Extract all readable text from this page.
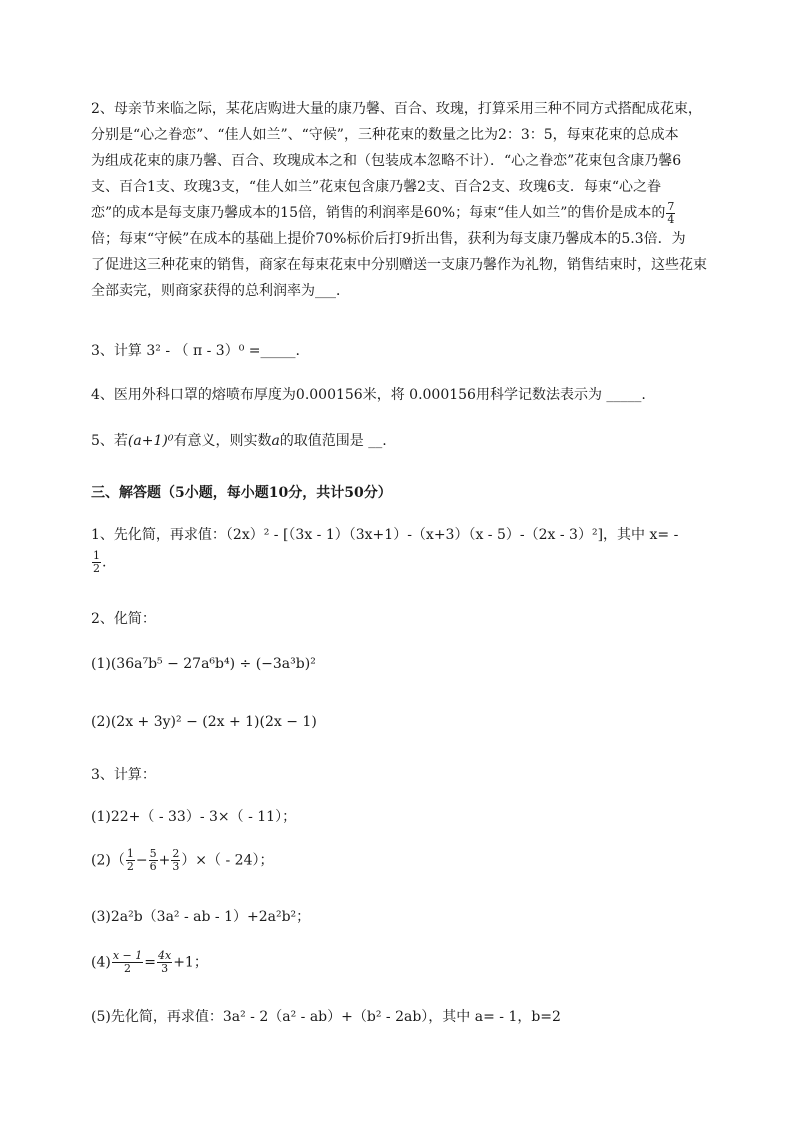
2、母亲节来临之际，某花店购进大量的康乃馨、百合、玫瑰，打算采用三种不同方式搭配成花束，
分别是“心之眷恋”、“佳人如兰”、“守候”，三种花束的数量之比为2：3：5，每束花束的总成本
为组成花束的康乃馨、百合、玫瑰成本之和（包装成本忽略不计）．“心之眷恋”花束包含康乃馨6
支、百合1支、玫瑰3支，“佳人如兰”花束包含康乃馨2支、百合2支、玫瑰6支．每束“心之眷
恋”的成本是每支康乃馨成本的15倍，销售的利润率是60%；每束“佳人如兰”的售价是成本的 $\frac{7}{4}$
倍；每束“守候”在成本的基础上提价70%标价后打9折出售，获利为每支康乃馨成本的5.3倍．为
了促进这三种花束的销售，商家在每束花束中分别赠送一支康乃馨作为礼物，销售结束时，这些花束
全部卖完，则商家获得的总利润率为___．
3、计算 3² - （ π - 3）⁰ =_____.
4、医用外科口罩的熔喷布厚度为0.000156米，将 0.000156用科学记数法表示为 _____.
5、若(a+1)⁰有意义，则实数a的取值范围是 __.
三、解答题（5小题，每小题10分，共计50分）
1、先化简，再求值：（2x）² - [（3x - 1）（3x+1）-（x+3）（x - 5）-（2x - 3）²]，其中 x= -
$\frac{1}{2}$ .
2、化简：
(1)(36a⁷b⁵ − 27a⁶b⁴) ÷ (−3a³b)²
(2)(2x + 3y)² − (2x + 1)(2x − 1)
3、计算：
(1)22+（ - 33）- 3×（ - 11）；
$(2)( \frac{1}{2} - \frac{5}{6} + \frac{2}{3}$ ）×（ - 24）；
(3)2a²b（3a² - ab - 1）+2a²b²；
$(4) \frac{x - 1}{2} = \frac{4x}{3} +1$；
(5)先化简，再求值：3a² - 2（a² - ab）+（b² - 2ab），其中 a= - 1，b=2
